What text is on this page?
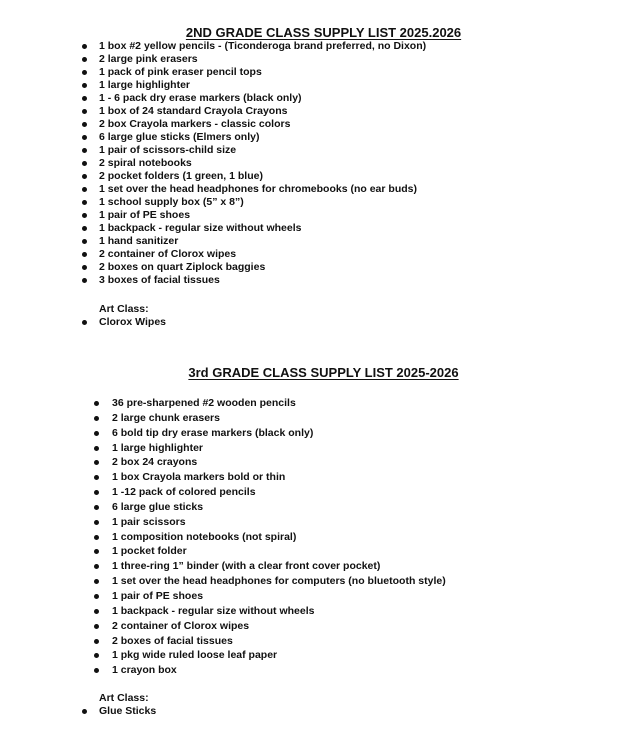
2ND GRADE CLASS SUPPLY LIST 2025.2026
1 box #2 yellow pencils - (Ticonderoga brand preferred, no Dixon)
2 large pink erasers
1 pack of pink eraser pencil tops
1 large highlighter
1 - 6 pack dry erase markers (black only)
1 box of 24 standard Crayola Crayons
2 box Crayola markers - classic colors
6 large glue sticks (Elmers only)
1 pair of scissors-child size
2 spiral notebooks
2 pocket folders (1 green, 1 blue)
1 set over the head headphones for chromebooks (no ear buds)
1 school supply box (5” x 8”)
1 pair of PE shoes
1 backpack - regular size without wheels
1 hand sanitizer
2 container of Clorox wipes
2 boxes on quart Ziplock baggies
3 boxes of facial tissues
Art Class:
Clorox Wipes
3rd GRADE CLASS SUPPLY LIST 2025-2026
36 pre-sharpened #2 wooden pencils
2 large chunk erasers
6 bold tip dry erase markers (black only)
1 large highlighter
2 box 24 crayons
1 box Crayola markers bold or thin
1 -12 pack of colored pencils
6 large glue sticks
1 pair scissors
1 composition notebooks (not spiral)
1 pocket folder
1 three-ring 1” binder (with a clear front cover pocket)
1 set over the head headphones for computers (no bluetooth style)
1 pair of PE shoes
1 backpack - regular size without wheels
2 container of Clorox wipes
2 boxes of facial tissues
1 pkg wide ruled loose leaf paper
1 crayon box
Art Class:
Glue Sticks
